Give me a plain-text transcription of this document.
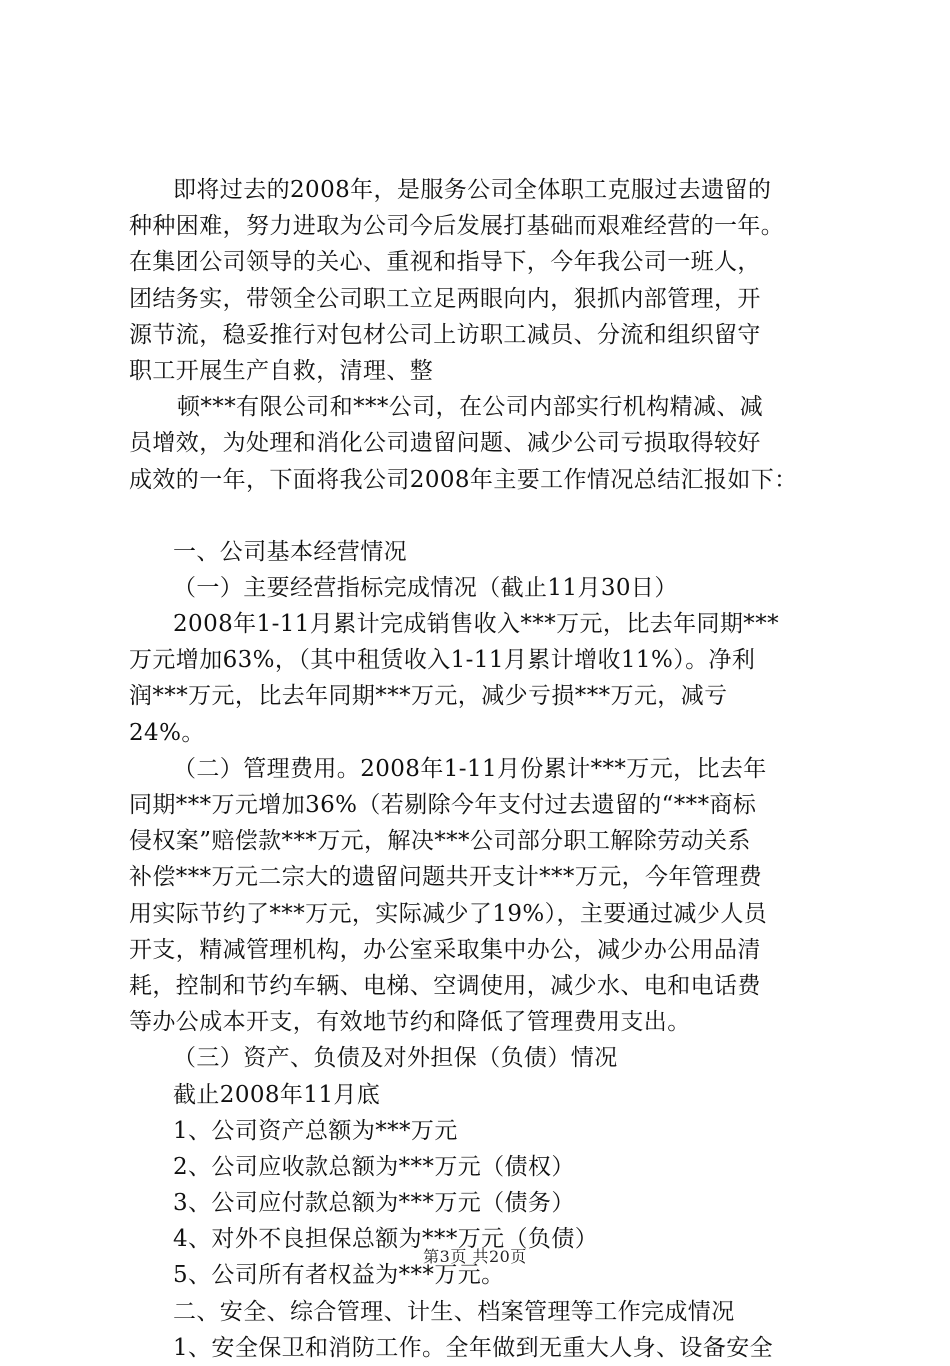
即将过去的2008年，是服务公司全体职工克服过去遗留的
种种困难，努力进取为公司今后发展打基础而艰难经营的一年。
在集团公司领导的关心、重视和指导下，今年我公司一班人，
团结务实，带领全公司职工立足两眼向内，狠抓内部管理，开
源节流，稳妥推行对包材公司上访职工减员、分流和组织留守
职工开展生产自救，清理、整
顿***有限公司和***公司，在公司内部实行机构精减、减
员增效，为处理和消化公司遗留问题、减少公司亏损取得较好
成效的一年，下面将我公司2008年主要工作情况总结汇报如下：
一、公司基本经营情况
（一）主要经营指标完成情况（截止11月30日）
2008年1-11月累计完成销售收入***万元，比去年同期***
万元增加63%，（其中租赁收入1-11月累计增收11%）。净利
润***万元，比去年同期***万元，减少亏损***万元，减亏
24%。
（二）管理费用。2008年1-11月份累计***万元，比去年
同期***万元增加36%（若剔除今年支付过去遗留的“***商标
侵权案”赔偿款***万元，解决***公司部分职工解除劳动关系
补偿***万元二宗大的遗留问题共开支计***万元，今年管理费
用实际节约了***万元，实际减少了19%），主要通过减少人员
开支，精减管理机构，办公室采取集中办公，减少办公用品清
耗，控制和节约车辆、电梯、空调使用，减少水、电和电话费
等办公成本开支，有效地节约和降低了管理费用支出。
（三）资产、负债及对外担保（负债）情况
截止2008年11月底
1、公司资产总额为***万元
2、公司应收款总额为***万元（债权）
3、公司应付款总额为***万元（债务）
4、对外不良担保总额为***万元（负债）
5、公司所有者权益为***万元。
二、安全、综合管理、计生、档案管理等工作完成情况
1、安全保卫和消防工作。全年做到无重大人身、设备安全
第3页 共20页
